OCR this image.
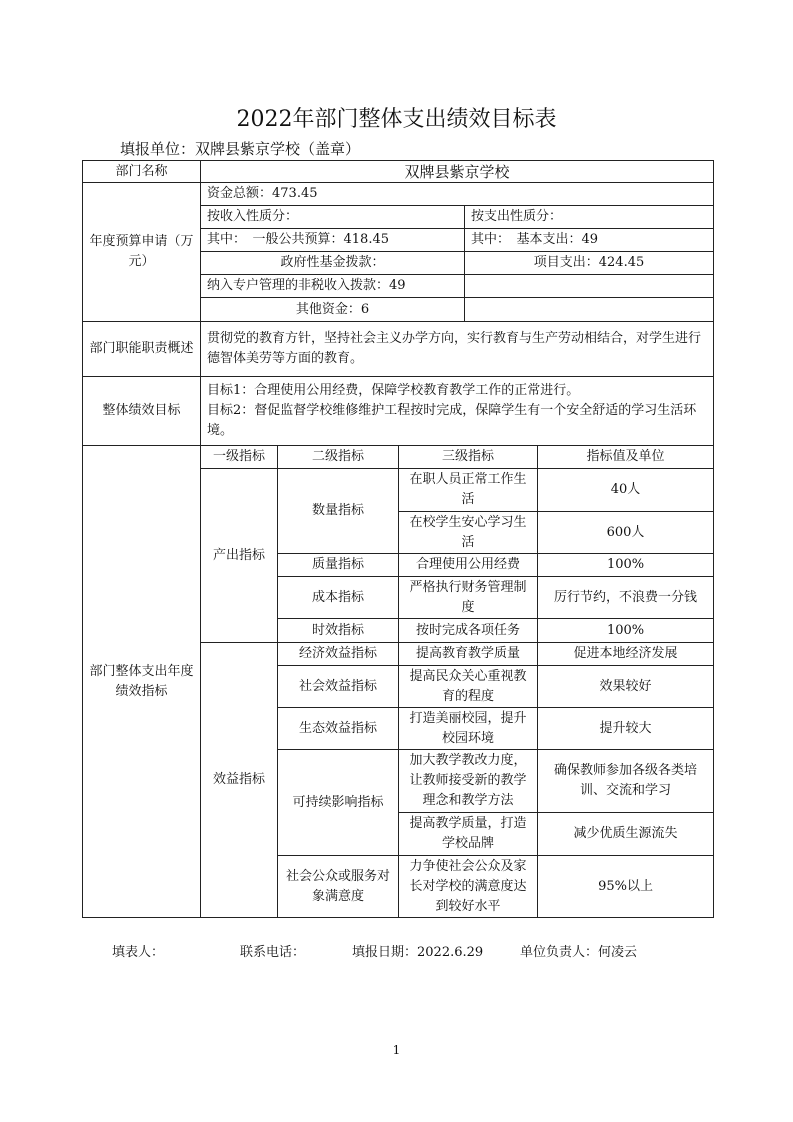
2022年部门整体支出绩效目标表
填报单位：双牌县紫京学校（盖章）
部门名称	双牌县紫京学校				
年度预算申请（万元）	资金总额：473.45				
	按收入性质分：			按支出性质分：	
	其中：　一般公共预算：418.45			其中：　基本支出：49	
	政府性基金拨款：			项目支出：424.45	
	纳入专户管理的非税收入拨款：49				
	其他资金：6				
部门职能职责概述	贯彻党的教育方针，坚持社会主义办学方向，实行教育与生产劳动相结合，对学生进行德智体美劳等方面的教育。				
整体绩效目标	目标1：合理使用公用经费，保障学校教育教学工作的正常进行。
目标2：督促监督学校维修维护工程按时完成，保障学生有一个安全舒适的学习生活环境。				

部门整体支出年度绩效指标	一级指标	二级指标	三级指标		指标值及单位
	产出指标	数量指标	在职人员正常工作生活		40人
			在校学生安心学习生活		600人
		质量指标	合理使用公用经费		100%
		成本指标	严格执行财务管理制度		厉行节约，不浪费一分钱
		时效指标	按时完成各项任务		100%
	效益指标	经济效益指标	提高教育教学质量		促进本地经济发展
		社会效益指标	提高民众关心重视教育的程度		效果较好
		生态效益指标	打造美丽校园，提升校园环境		提升较大
		可持续影响指标	加大教学教改力度，让教师接受新的教学理念和教学方法		确保教师参加各级各类培训、交流和学习
			提高教学质量，打造学校品牌		减少优质生源流失
		社会公众或服务对象满意度	力争使社会公众及家长对学校的满意度达到较好水平		95%以上
填表人：	联系电话：	填报日期：2022.6.29	单位负责人：何凌云
1
